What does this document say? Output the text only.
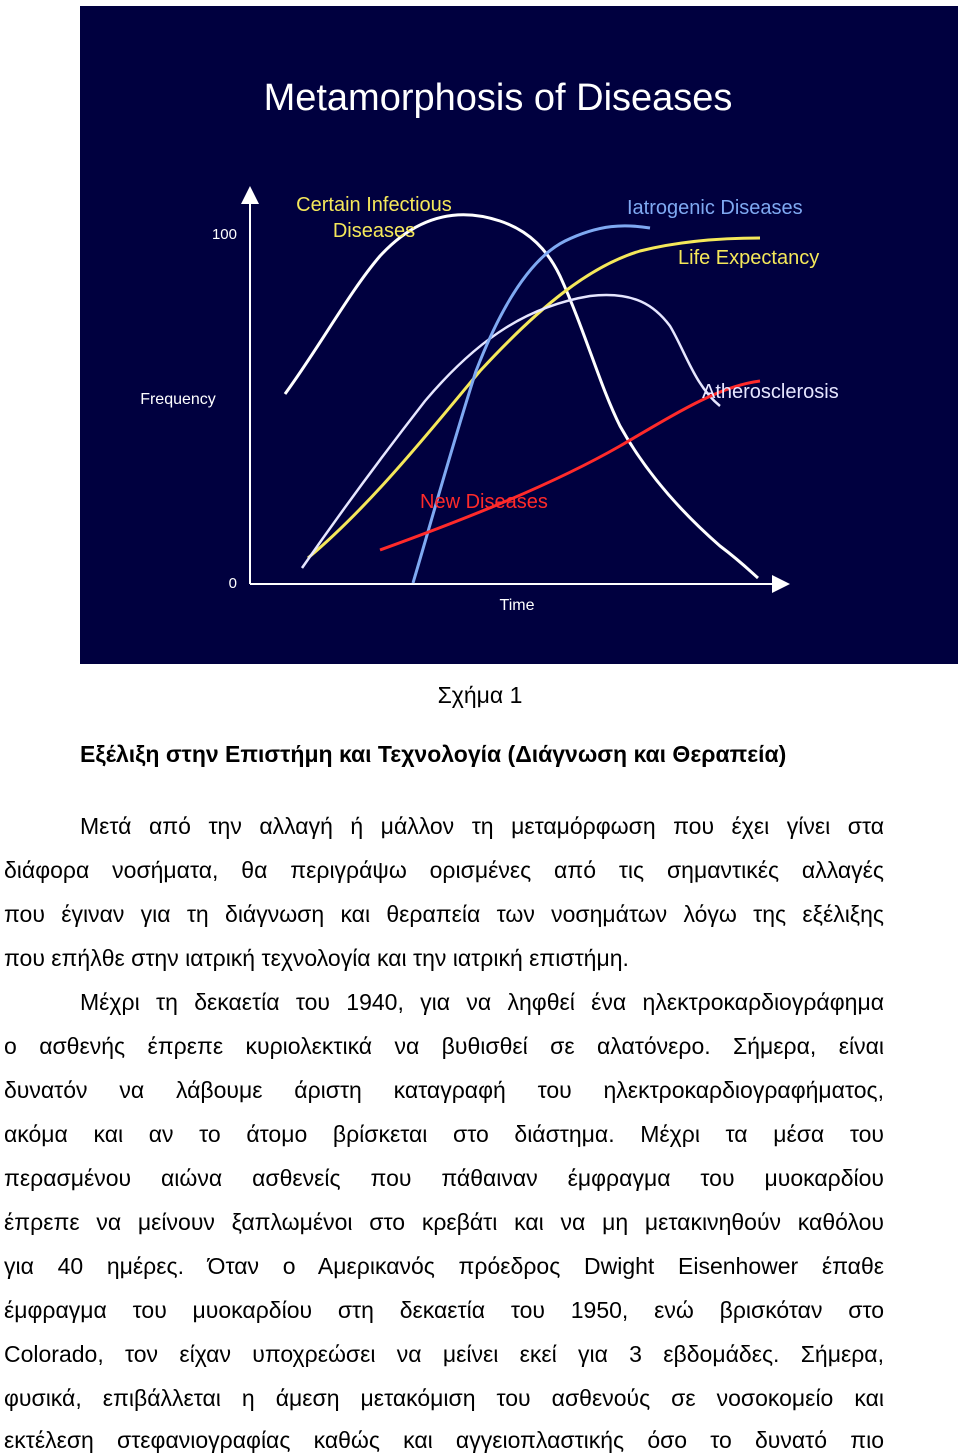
Metamorphosis of Diseases
100
0
Frequency
Time
Certain Infectious
Diseases
Iatrogenic Diseases
Life Expectancy
Atherosclerosis
New Diseases
Σχήμα 1
Εξέλιξη στην Επιστήμη και Τεχνολογία (Διάγνωση και Θεραπεία)
Μετά από την αλλαγή ή μάλλον τη μεταμόρφωση που έχει γίνει στα
διάφορα νοσήματα, θα περιγράψω ορισμένες από τις σημαντικές αλλαγές
που έγιναν για τη διάγνωση και θεραπεία των νοσημάτων λόγω της εξέλιξης
που επήλθε στην ιατρική τεχνολογία και την ιατρική επιστήμη.
Μέχρι τη δεκαετία του 1940, για να ληφθεί ένα ηλεκτροκαρδιογράφημα
ο ασθενής έπρεπε κυριολεκτικά να βυθισθεί σε αλατόνερο. Σήμερα, είναι
δυνατόν να λάβουμε άριστη καταγραφή του ηλεκτροκαρδιογραφήματος,
ακόμα και αν το άτομο βρίσκεται στο διάστημα. Μέχρι τα μέσα του
περασμένου αιώνα ασθενείς που πάθαιναν έμφραγμα του μυοκαρδίου
έπρεπε να μείνουν ξαπλωμένοι στο κρεβάτι και να μη μετακινηθούν καθόλου
για 40 ημέρες. Όταν ο Αμερικανός πρόεδρος Dwight Eisenhower έπαθε
έμφραγμα του μυοκαρδίου στη δεκαετία του 1950, ενώ βρισκόταν στο
Colorado, τον είχαν υποχρεώσει να μείνει εκεί για 3 εβδομάδες. Σήμερα,
φυσικά, επιβάλλεται η άμεση μετακόμιση του ασθενούς σε νοσοκομείο και
εκτέλεση στεφανιογραφίας καθώς και αγγειοπλαστικής όσο το δυνατό πιο
